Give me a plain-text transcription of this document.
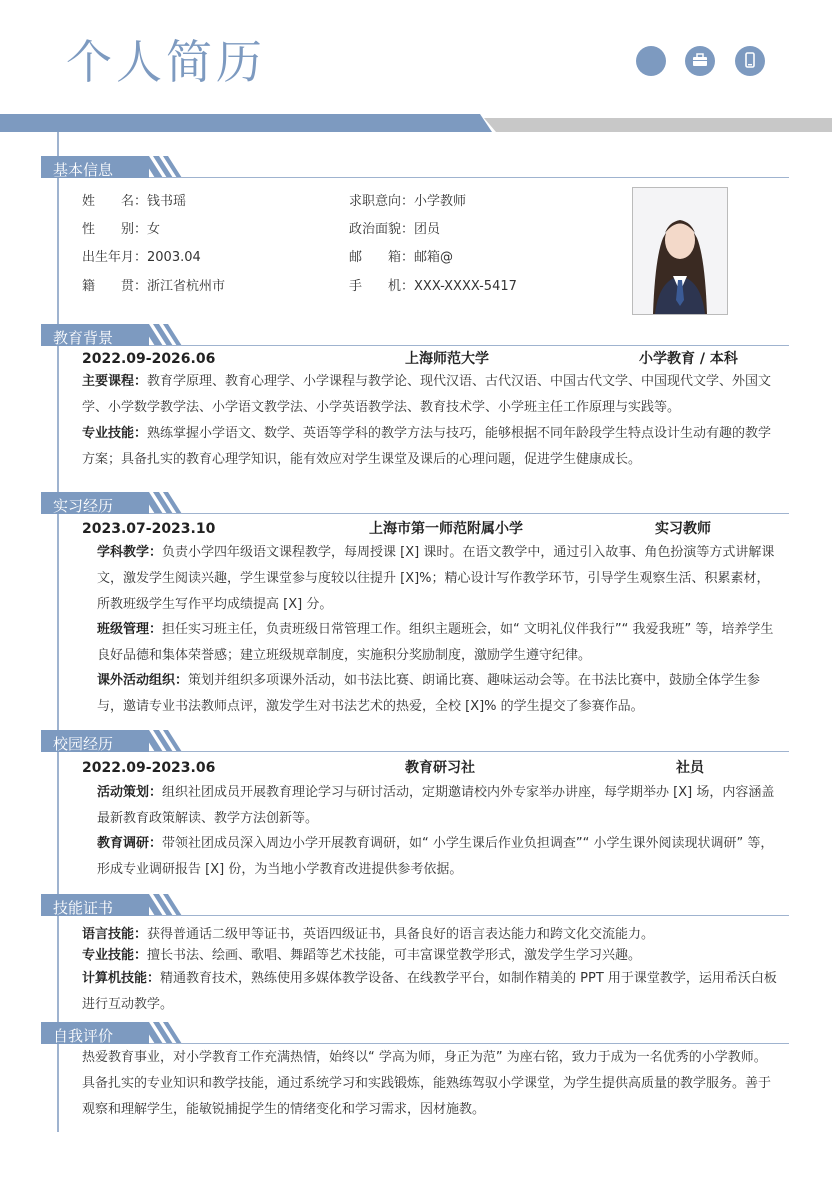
个人简历
基本信息
教育背景
实习经历
校园经历
技能证书
自我评价
姓　　名：钱书瑶
性　　别：女
出生年月：2003.04
籍　　贯：浙江省杭州市
求职意向：小学教师
政治面貌：团员
邮　　箱：邮箱@
手　　机：XXX-XXXX-5417
2022.09-2026.06	上海师范大学	小学教育 / 本科
主要课程：教育学原理、教育心理学、小学课程与教学论、现代汉语、古代汉语、中国古代文学、中国现代文学、外国文学、小学数学教学法、小学语文教学法、小学英语教学法、教育技术学、小学班主任工作原理与实践等。
专业技能：熟练掌握小学语文、数学、英语等学科的教学方法与技巧，能够根据不同年龄段学生特点设计生动有趣的教学方案；具备扎实的教育心理学知识，能有效应对学生课堂及课后的心理问题，促进学生健康成长。
2023.07-2023.10	上海市第一师范附属小学	实习教师
学科教学：负责小学四年级语文课程教学，每周授课 [X] 课时。在语文教学中，通过引入故事、角色扮演等方式讲解课文，激发学生阅读兴趣，学生课堂参与度较以往提升 [X]%；精心设计写作教学环节，引导学生观察生活、积累素材，所教班级学生写作平均成绩提高 [X] 分。
班级管理：担任实习班主任，负责班级日常管理工作。组织主题班会，如“ 文明礼仪伴我行”“ 我爱我班” 等，培养学生良好品德和集体荣誉感；建立班级规章制度，实施积分奖励制度，激励学生遵守纪律。
课外活动组织：策划并组织多项课外活动，如书法比赛、朗诵比赛、趣味运动会等。在书法比赛中，鼓励全体学生参与，邀请专业书法教师点评，激发学生对书法艺术的热爱，全校 [X]% 的学生提交了参赛作品。
2022.09-2023.06	教育研习社	社员
活动策划：组织社团成员开展教育理论学习与研讨活动，定期邀请校内外专家举办讲座，每学期举办 [X] 场，内容涵盖最新教育政策解读、教学方法创新等。
教育调研：带领社团成员深入周边小学开展教育调研，如“ 小学生课后作业负担调查”“ 小学生课外阅读现状调研” 等，形成专业调研报告 [X] 份，为当地小学教育改进提供参考依据。
语言技能：获得普通话二级甲等证书，英语四级证书，具备良好的语言表达能力和跨文化交流能力。
专业技能：擅长书法、绘画、歌唱、舞蹈等艺术技能，可丰富课堂教学形式，激发学生学习兴趣。
计算机技能：精通教育技术，熟练使用多媒体教学设备、在线教学平台，如制作精美的 PPT 用于课堂教学，运用希沃白板进行互动教学。
热爱教育事业，对小学教育工作充满热情，始终以“ 学高为师，身正为范” 为座右铭，致力于成为一名优秀的小学教师。具备扎实的专业知识和教学技能，通过系统学习和实践锻炼，能熟练驾驭小学课堂，为学生提供高质量的教学服务。善于观察和理解学生，能敏锐捕捉学生的情绪变化和学习需求，因材施教。
